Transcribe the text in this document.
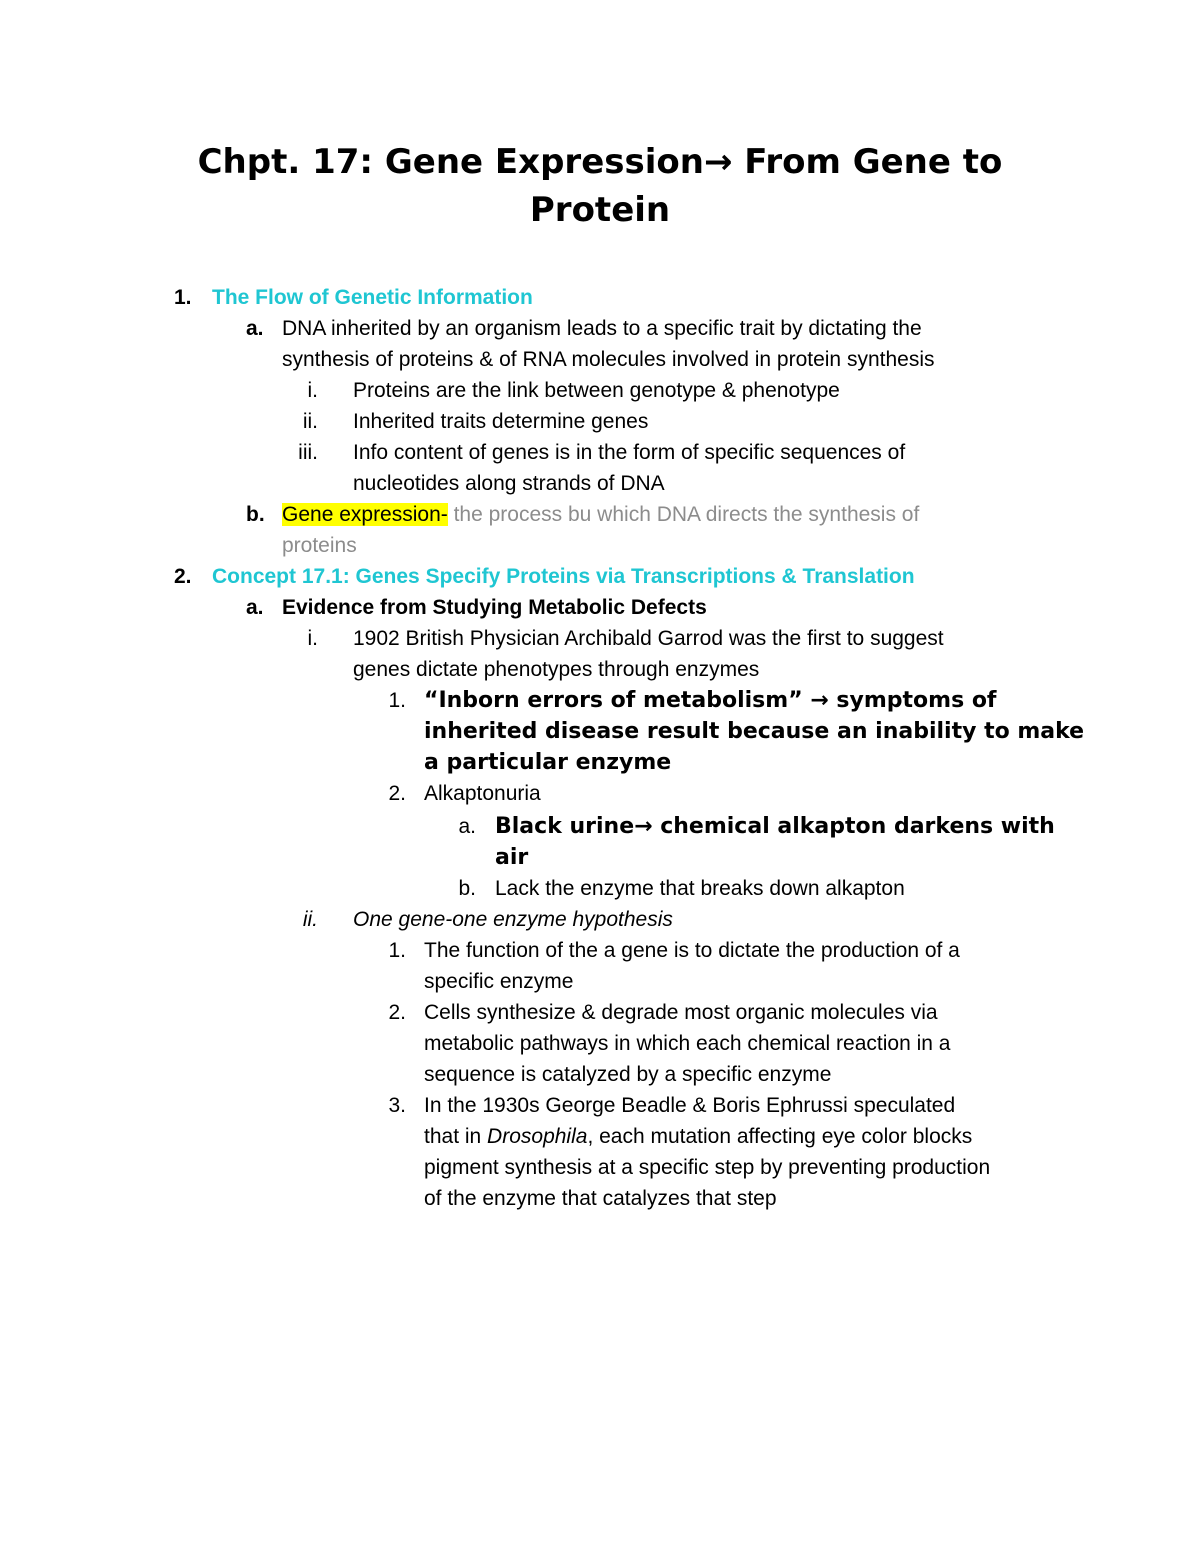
Chpt. 17: Gene Expression→ From Gene to
Protein
1. The Flow of Genetic Information
a. DNA inherited by an organism leads to a specific trait by dictating the
synthesis of proteins & of RNA molecules involved in protein synthesis
i. Proteins are the link between genotype & phenotype
ii. Inherited traits determine genes
iii. Info content of genes is in the form of specific sequences of
nucleotides along strands of DNA
b. Gene expression- the process bu which DNA directs the synthesis of
proteins
2. Concept 17.1: Genes Specify Proteins via Transcriptions & Translation
a. Evidence from Studying Metabolic Defects
i. 1902 British Physician Archibald Garrod was the first to suggest
genes dictate phenotypes through enzymes
1. “Inborn errors of metabolism” → symptoms of
inherited disease result because an inability to make
a particular enzyme
2. Alkaptonuria
a. Black urine→ chemical alkapton darkens with
air
b. Lack the enzyme that breaks down alkapton
ii. One gene-one enzyme hypothesis
1. The function of the a gene is to dictate the production of a
specific enzyme
2. Cells synthesize & degrade most organic molecules via
metabolic pathways in which each chemical reaction in a
sequence is catalyzed by a specific enzyme
3. In the 1930s George Beadle & Boris Ephrussi speculated
that in Drosophila, each mutation affecting eye color blocks
pigment synthesis at a specific step by preventing production
of the enzyme that catalyzes that step
